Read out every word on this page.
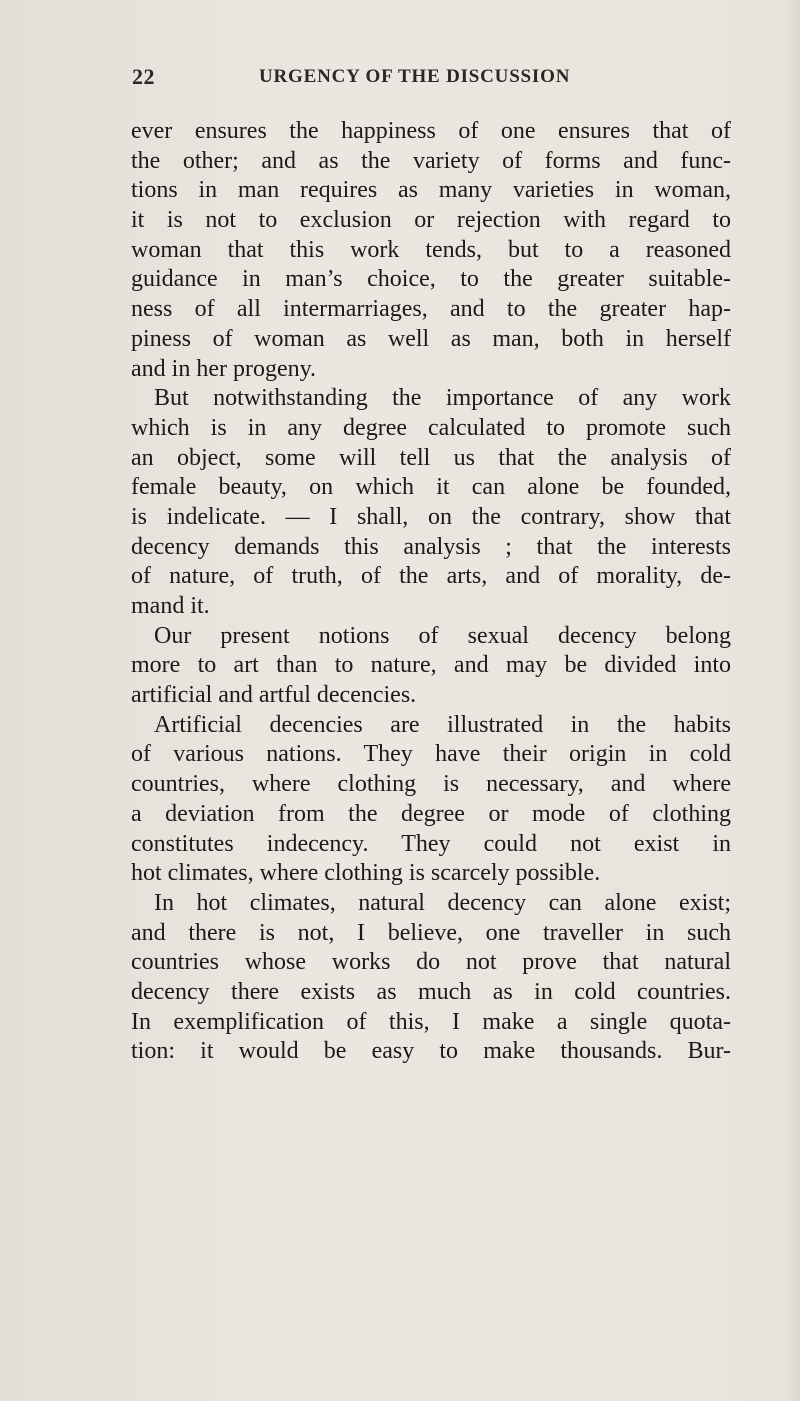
22	URGENCY OF THE DISCUSSION
ever ensures the happiness of one ensures that of
the other; and as the variety of forms and func-
tions in man requires as many varieties in woman,
it is not to exclusion or rejection with regard to
woman that this work tends, but to a reasoned
guidance in man’s choice, to the greater suitable-
ness of all intermarriages, and to the greater hap-
piness of woman as well as man, both in herself
and in her progeny.
But notwithstanding the importance of any work
which is in any degree calculated to promote such
an object, some will tell us that the analysis of
female beauty, on which it can alone be founded,
is indelicate. — I shall, on the contrary, show that
decency demands this analysis ; that the interests
of nature, of truth, of the arts, and of morality, de-
mand it.
Our present notions of sexual decency belong
more to art than to nature, and may be divided into
artificial and artful decencies.
Artificial decencies are illustrated in the habits
of various nations. They have their origin in cold
countries, where clothing is necessary, and where
a deviation from the degree or mode of clothing
constitutes indecency. They could not exist in
hot climates, where clothing is scarcely possible.
In hot climates, natural decency can alone exist;
and there is not, I believe, one traveller in such
countries whose works do not prove that natural
decency there exists as much as in cold countries.
In exemplification of this, I make a single quota-
tion: it would be easy to make thousands. Bur-
